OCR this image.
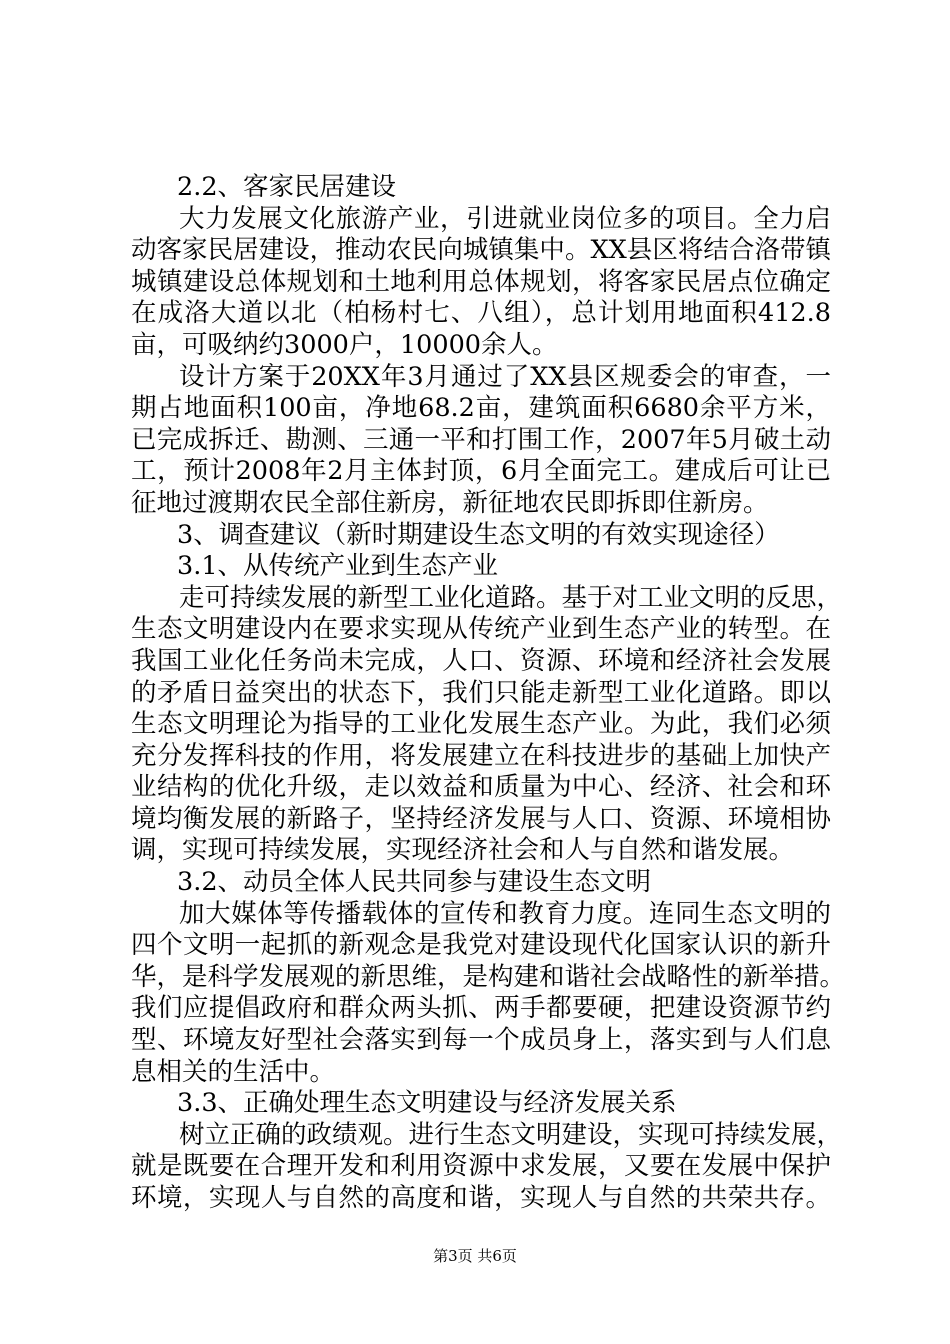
2.2、客家民居建设
大力发展文化旅游产业，引进就业岗位多的项目。全力启
动客家民居建设，推动农民向城镇集中。XX县区将结合洛带镇
城镇建设总体规划和土地利用总体规划，将客家民居点位确定
在成洛大道以北（柏杨村七、八组），总计划用地面积412.8
亩，可吸纳约3000户，10000余人。
设计方案于20XX年3月通过了XX县区规委会的审查，一
期占地面积100亩，净地68.2亩，建筑面积6680余平方米，
已完成拆迁、勘测、三通一平和打围工作，2007年5月破土动
工，预计2008年2月主体封顶，6月全面完工。建成后可让已
征地过渡期农民全部住新房，新征地农民即拆即住新房。
3、调查建议（新时期建设生态文明的有效实现途径）
3.1、从传统产业到生态产业
走可持续发展的新型工业化道路。基于对工业文明的反思，
生态文明建设内在要求实现从传统产业到生态产业的转型。在
我国工业化任务尚未完成，人口、资源、环境和经济社会发展
的矛盾日益突出的状态下，我们只能走新型工业化道路。即以
生态文明理论为指导的工业化发展生态产业。为此，我们必须
充分发挥科技的作用，将发展建立在科技进步的基础上加快产
业结构的优化升级，走以效益和质量为中心、经济、社会和环
境均衡发展的新路子，坚持经济发展与人口、资源、环境相协
调，实现可持续发展，实现经济社会和人与自然和谐发展。
3.2、动员全体人民共同参与建设生态文明
加大媒体等传播载体的宣传和教育力度。连同生态文明的
四个文明一起抓的新观念是我党对建设现代化国家认识的新升
华，是科学发展观的新思维，是构建和谐社会战略性的新举措。
我们应提倡政府和群众两头抓、两手都要硬，把建设资源节约
型、环境友好型社会落实到每一个成员身上，落实到与人们息
息相关的生活中。
3.3、正确处理生态文明建设与经济发展关系
树立正确的政绩观。进行生态文明建设，实现可持续发展，
就是既要在合理开发和利用资源中求发展，又要在发展中保护
环境，实现人与自然的高度和谐，实现人与自然的共荣共存。
第3页 共6页
